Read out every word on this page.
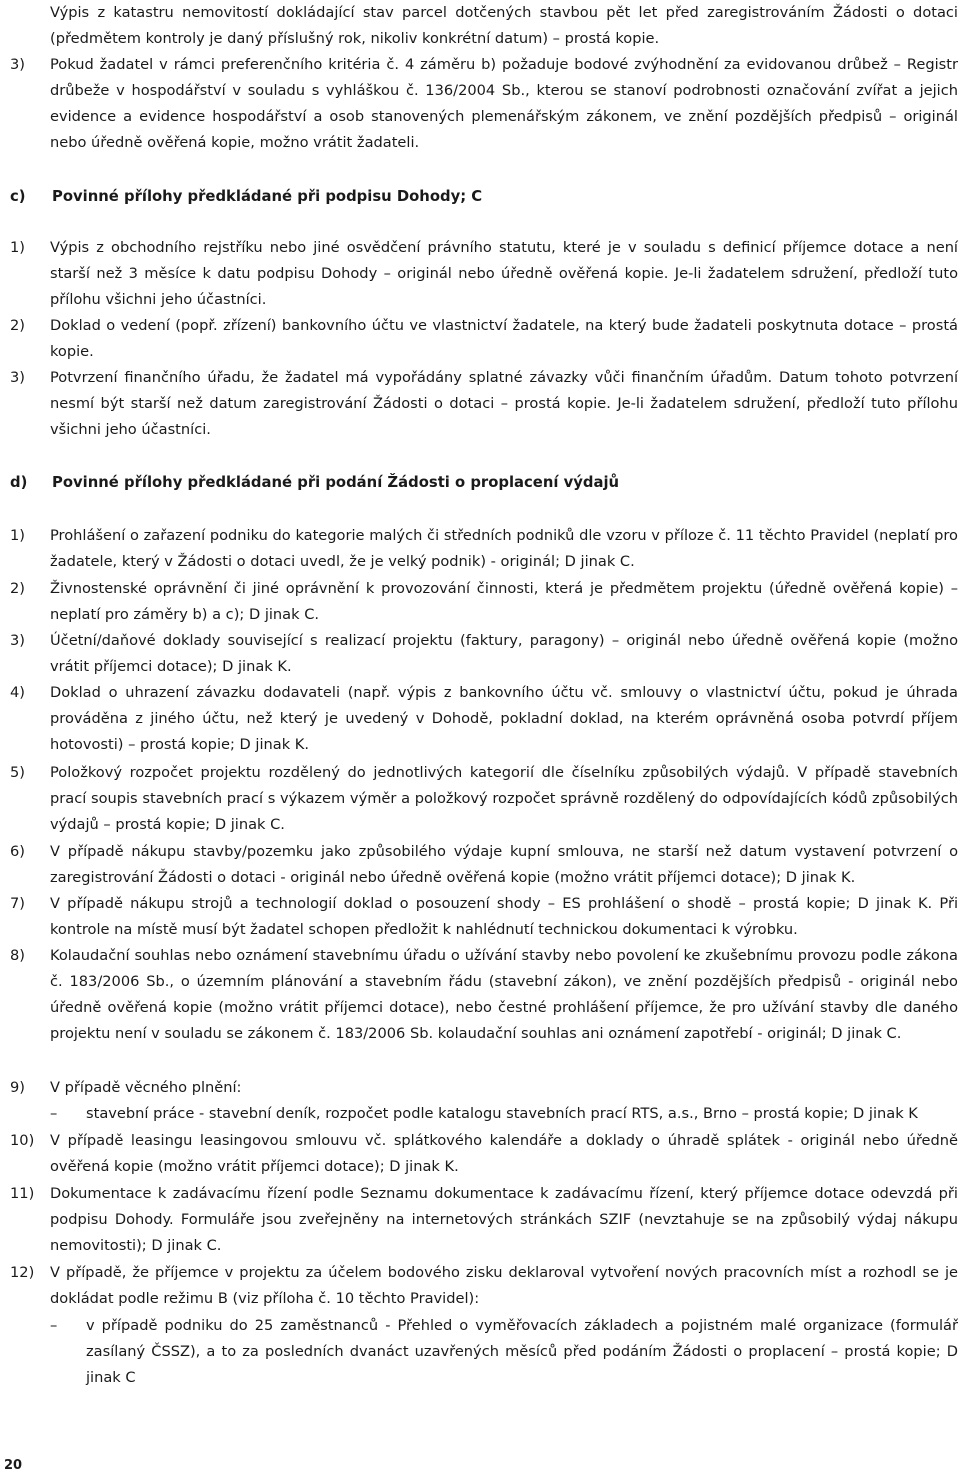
Výpis z katastru nemovitostí dokládající stav parcel dotčených stavbou pět let před zaregistrováním Žádosti o dotaci (předmětem kontroly je daný příslušný rok, nikoliv konkrétní datum) – prostá kopie.
3)	Pokud žadatel v rámci preferenčního kritéria č. 4 záměru b) požaduje bodové zvýhodnění za evidovanou drůbež – Registr drůbeže v hospodářství v souladu s vyhláškou č. 136/2004 Sb., kterou se stanoví podrobnosti označování zvířat a jejich evidence a evidence hospodářství a osob stanovených plemenářským zákonem, ve znění pozdějších předpisů – originál nebo úředně ověřená kopie, možno vrátit žadateli.
c) Povinné přílohy předkládané při podpisu Dohody; C
1)	Výpis z obchodního rejstříku nebo jiné osvědčení právního statutu, které je v souladu s definicí příjemce dotace a není starší než 3 měsíce k datu podpisu Dohody – originál nebo úředně ověřená kopie. Je-li žadatelem sdružení, předloží tuto přílohu všichni jeho účastníci.
2)	Doklad o vedení (popř. zřízení) bankovního účtu ve vlastnictví žadatele, na který bude žadateli poskytnuta dotace – prostá kopie.
3)	Potvrzení finančního úřadu, že žadatel má vypořádány splatné závazky vůči finančním úřadům. Datum tohoto potvrzení nesmí být starší než datum zaregistrování Žádosti o dotaci – prostá kopie. Je-li žadatelem sdružení, předloží tuto přílohu všichni jeho účastníci.
d) Povinné přílohy předkládané při podání Žádosti o proplacení výdajů
1)	Prohlášení o zařazení podniku do kategorie malých či středních podniků dle vzoru v příloze č. 11 těchto Pravidel (neplatí pro žadatele, který v Žádosti o dotaci uvedl, že je velký podnik) - originál; D jinak C.
2)	Živnostenské oprávnění či jiné oprávnění k provozování činnosti, která je předmětem projektu (úředně ověřená kopie) – neplatí pro záměry b) a c); D jinak C.
3)	Účetní/daňové doklady související s realizací projektu (faktury, paragony) – originál nebo úředně ověřená kopie (možno vrátit příjemci dotace); D jinak K.
4)	Doklad o uhrazení závazku dodavateli (např. výpis z bankovního účtu vč. smlouvy o vlastnictví účtu, pokud je úhrada prováděna z jiného účtu, než který je uvedený v Dohodě, pokladní doklad, na kterém oprávněná osoba potvrdí příjem hotovosti) – prostá kopie; D jinak K.
5)	Položkový rozpočet projektu rozdělený do jednotlivých kategorií dle číselníku způsobilých výdajů. V případě stavebních prací soupis stavebních prací s výkazem výměr a položkový rozpočet správně rozdělený do odpovídajících kódů způsobilých výdajů – prostá kopie; D jinak C.
6)	V případě nákupu stavby/pozemku jako způsobilého výdaje kupní smlouva, ne starší než datum vystavení potvrzení o zaregistrování Žádosti o dotaci - originál nebo úředně ověřená kopie (možno vrátit příjemci dotace); D jinak K.
7)	V případě nákupu strojů a technologií doklad o posouzení shody – ES prohlášení o shodě – prostá kopie; D jinak K. Při kontrole na místě musí být žadatel schopen předložit k nahlédnutí technickou dokumentaci k výrobku.
8)	Kolaudační souhlas nebo oznámení stavebnímu úřadu o užívání stavby nebo povolení ke zkušebnímu provozu podle zákona č. 183/2006 Sb., o územním plánování a stavebním řádu (stavební zákon), ve znění pozdějších předpisů - originál nebo úředně ověřená kopie (možno vrátit příjemci dotace), nebo čestné prohlášení příjemce, že pro užívání stavby dle daného projektu není v souladu se zákonem č. 183/2006 Sb. kolaudační souhlas ani oznámení zapotřebí - originál; D jinak C.
9)	V případě věcného plnění:
–	stavební práce - stavební deník, rozpočet podle katalogu stavebních prací RTS, a.s., Brno – prostá kopie; D jinak K
10)	V případě leasingu leasingovou smlouvu vč. splátkového kalendáře a doklady o úhradě splátek - originál nebo úředně ověřená kopie (možno vrátit příjemci dotace); D jinak K.
11)	Dokumentace k zadávacímu řízení podle Seznamu dokumentace k zadávacímu řízení, který příjemce dotace odevzdá při podpisu Dohody. Formuláře jsou zveřejněny na internetových stránkách SZIF (nevztahuje se na způsobilý výdaj nákupu nemovitosti); D jinak C.
12)	V případě, že příjemce v projektu za účelem bodového zisku deklaroval vytvoření nových pracovních míst a rozhodl se je dokládat podle režimu B (viz příloha č. 10 těchto Pravidel):
–	v případě podniku do 25 zaměstnanců - Přehled o vyměřovacích základech a pojistném malé organizace (formulář zasílaný ČSSZ), a to za posledních dvanáct uzavřených měsíců před podáním Žádosti o proplacení – prostá kopie; D jinak C
20
